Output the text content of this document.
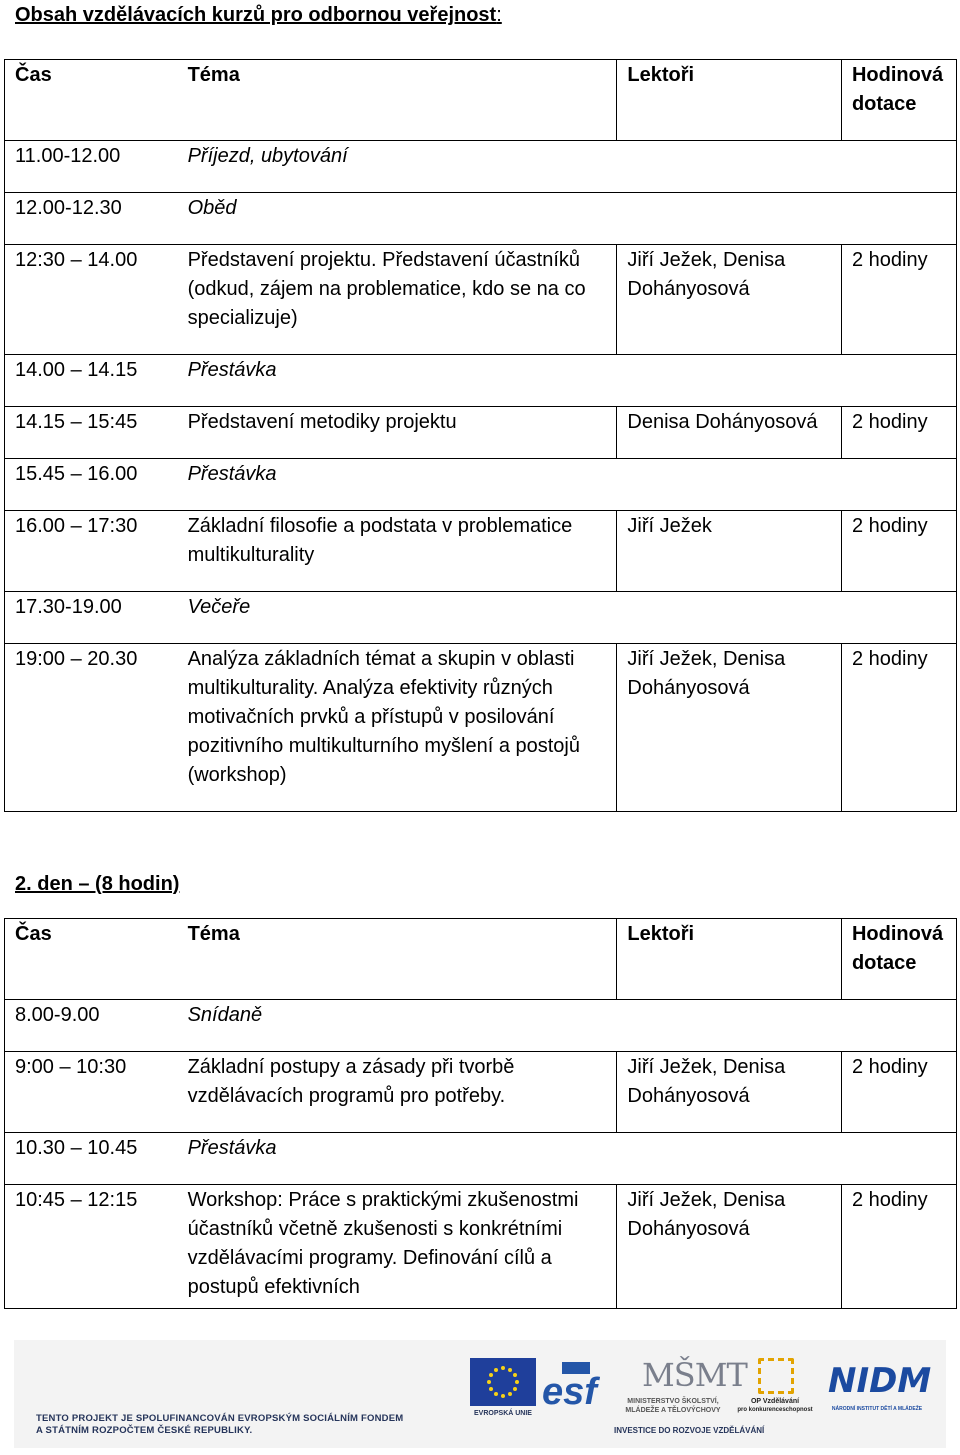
Obsah vzdělávacích kurzů pro odbornou veřejnost:
Čas	Téma	Lektoři	Hodinová dotace
11.00-12.00	Příjezd, ubytování		
12.00-12.30	Oběd		
12:30 – 14.00	Představení projektu. Představení účastníků (odkud, zájem na problematice, kdo se na co specializuje)	Jiří Ježek, Denisa Dohányosová	2 hodiny
14.00 – 14.15	Přestávka		
14.15 – 15:45	Představení metodiky projektu	Denisa Dohányosová	2 hodiny
15.45 – 16.00	Přestávka		
16.00 – 17:30	Základní filosofie a podstata v problematice multikulturality	Jiří Ježek	2 hodiny
17.30-19.00	Večeře		
19:00 – 20.30	Analýza základních témat a skupin v oblasti multikulturality. Analýza efektivity různých motivačních prvků a přístupů v posilování pozitivního multikulturního myšlení a postojů (workshop)	Jiří Ježek, Denisa Dohányosová	2 hodiny
2. den – (8 hodin)
Čas	Téma	Lektoři	Hodinová dotace
8.00-9.00	Snídaně		
9:00 – 10:30	Základní postupy a zásady při tvorbě vzdělávacích programů pro potřeby.	Jiří Ježek, Denisa Dohányosová	2 hodiny
10.30 – 10.45	Přestávka		
10:45 – 12:15	Workshop: Práce s praktickými zkušenostmi účastníků včetně zkušenosti s konkrétními vzdělávacími programy. Definování cílů a postupů efektivních	Jiří Ježek, Denisa Dohányosová	2 hodiny
TENTO PROJEKT JE SPOLUFINANCOVÁN EVROPSKÝM SOCIÁLNÍM FONDEM
A STÁTNÍM ROZPOČTEM ČESKÉ REPUBLIKY.
EVROPSKÁ UNIE
esf MŠMT
MINISTERSTVO ŠKOLSTVÍ,
MLÁDEŽE A TĚLOVÝCHOVY
OP Vzdělávání
pro konkurenceschopnost
NIDM
NÁRODNÍ INSTITUT DĚTÍ A MLÁDEŽE
INVESTICE DO ROZVOJE VZDĚLÁVÁNÍ
